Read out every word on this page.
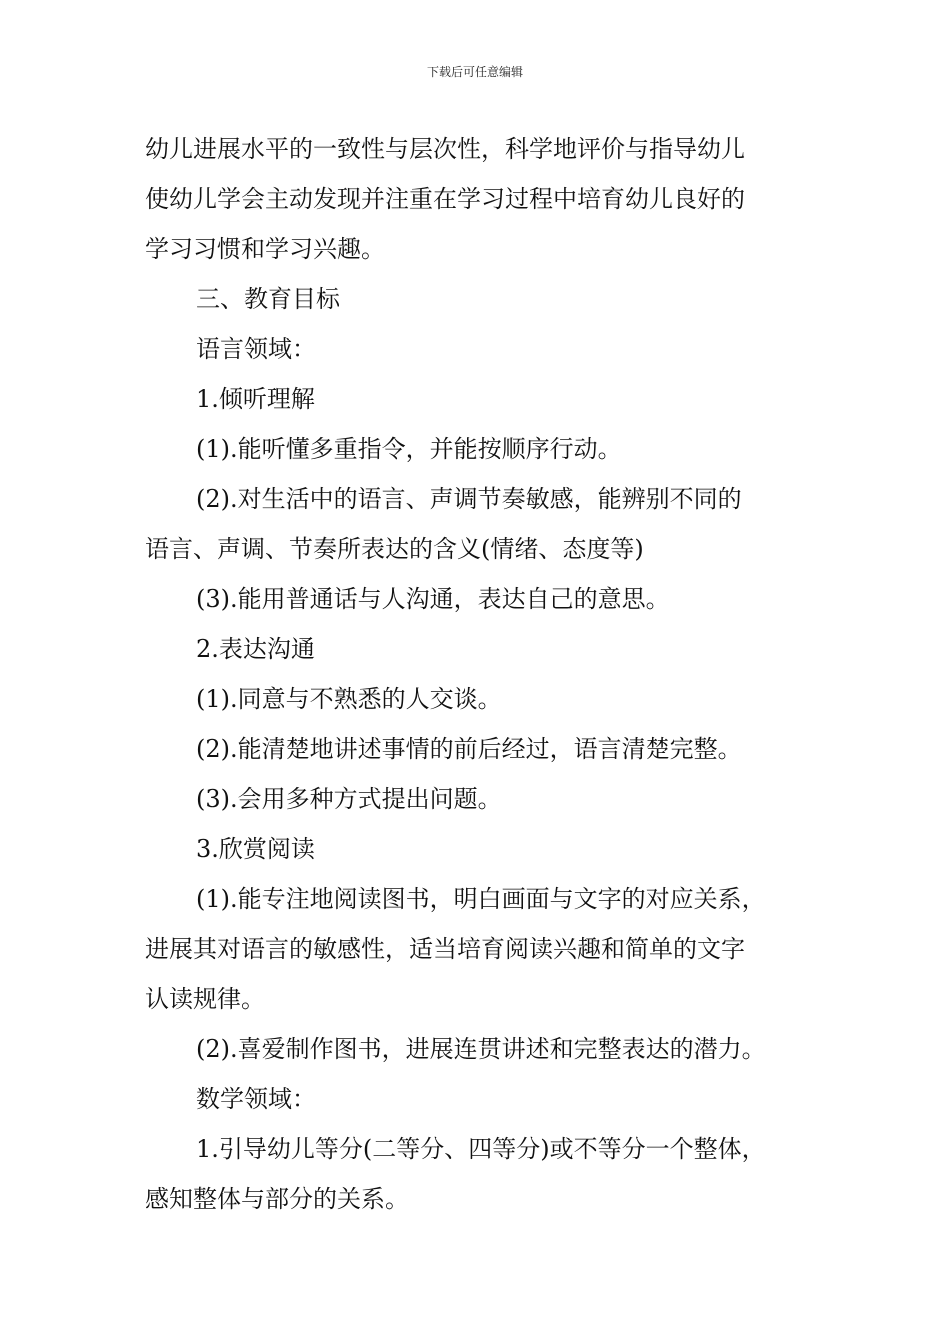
下载后可任意编辑
幼儿进展水平的一致性与层次性，科学地评价与指导幼儿
使幼儿学会主动发现并注重在学习过程中培育幼儿良好的
学习习惯和学习兴趣。
三、教育目标
语言领域：
1.倾听理解
(1).能听懂多重指令，并能按顺序行动。
(2).对生活中的语言、声调节奏敏感，能辨别不同的
语言、声调、节奏所表达的含义(情绪、态度等)
(3).能用普通话与人沟通，表达自己的意思。
2.表达沟通
(1).同意与不熟悉的人交谈。
(2).能清楚地讲述事情的前后经过，语言清楚完整。
(3).会用多种方式提出问题。
3.欣赏阅读
(1).能专注地阅读图书，明白画面与文字的对应关系，
进展其对语言的敏感性，适当培育阅读兴趣和简单的文字
认读规律。
(2).喜爱制作图书，进展连贯讲述和完整表达的潜力。
数学领域：
1.引导幼儿等分(二等分、四等分)或不等分一个整体，
感知整体与部分的关系。
